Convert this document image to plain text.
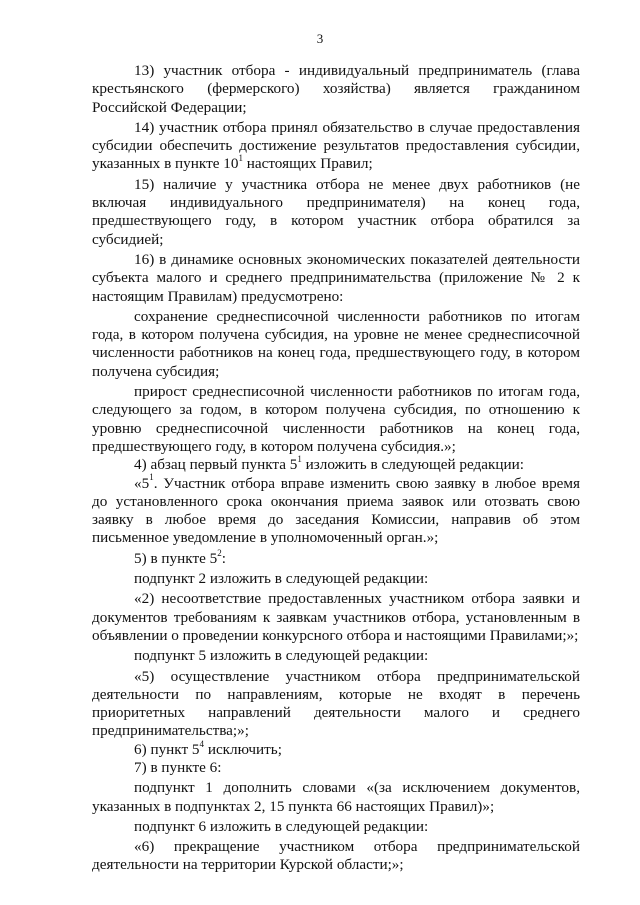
3

13) участник отбора - индивидуальный предприниматель (глава крестьянского (фермерского) хозяйства) является гражданином Российской Федерации;

14) участник отбора принял обязательство в случае предоставления субсидии обеспечить достижение результатов предоставления субсидии, указанных в пункте $10^1$ настоящих Правил;

15) наличие у участника отбора не менее двух работников (не включая индивидуального предпринимателя) на конец года, предшествующего году, в котором участник отбора обратился за субсидией;

16) в динамике основных экономических показателей деятельности субъекта малого и среднего предпринимательства (приложение № 2 к настоящим Правилам) предусмотрено:

сохранение среднесписочной численности работников по итогам года, в котором получена субсидия, на уровне не менее среднесписочной численности работников на конец года, предшествующего году, в котором получена субсидия;

прирост среднесписочной численности работников по итогам года, следующего за годом, в котором получена субсидия, по отношению к уровню среднесписочной численности работников на конец года, предшествующего году, в котором получена субсидия.»;

4) абзац первый пункта $5^1$ изложить в следующей редакции:

«$5^1$. Участник отбора вправе изменить свою заявку в любое время до установленного срока окончания приема заявок или отозвать свою заявку в любое время до заседания Комиссии, направив об этом письменное уведомление в уполномоченный орган.»;

5) в пункте $5^2$:

подпункт 2 изложить в следующей редакции:

«2) несоответствие предоставленных участником отбора заявки и документов требованиям к заявкам участников отбора, установленным в объявлении о проведении конкурсного отбора и настоящими Правилами;»;

подпункт 5 изложить в следующей редакции:

«5) осуществление участником отбора предпринимательской деятельности по направлениям, которые не входят в перечень приоритетных направлений деятельности малого и среднего предпринимательства;»;

6) пункт $5^4$ исключить;

7) в пункте 6:

подпункт 1 дополнить словами «(за исключением документов, указанных в подпунктах 2, 15 пункта 66 настоящих Правил)»;

подпункт 6 изложить в следующей редакции:

«6) прекращение участником отбора предпринимательской деятельности на территории Курской области;»;
